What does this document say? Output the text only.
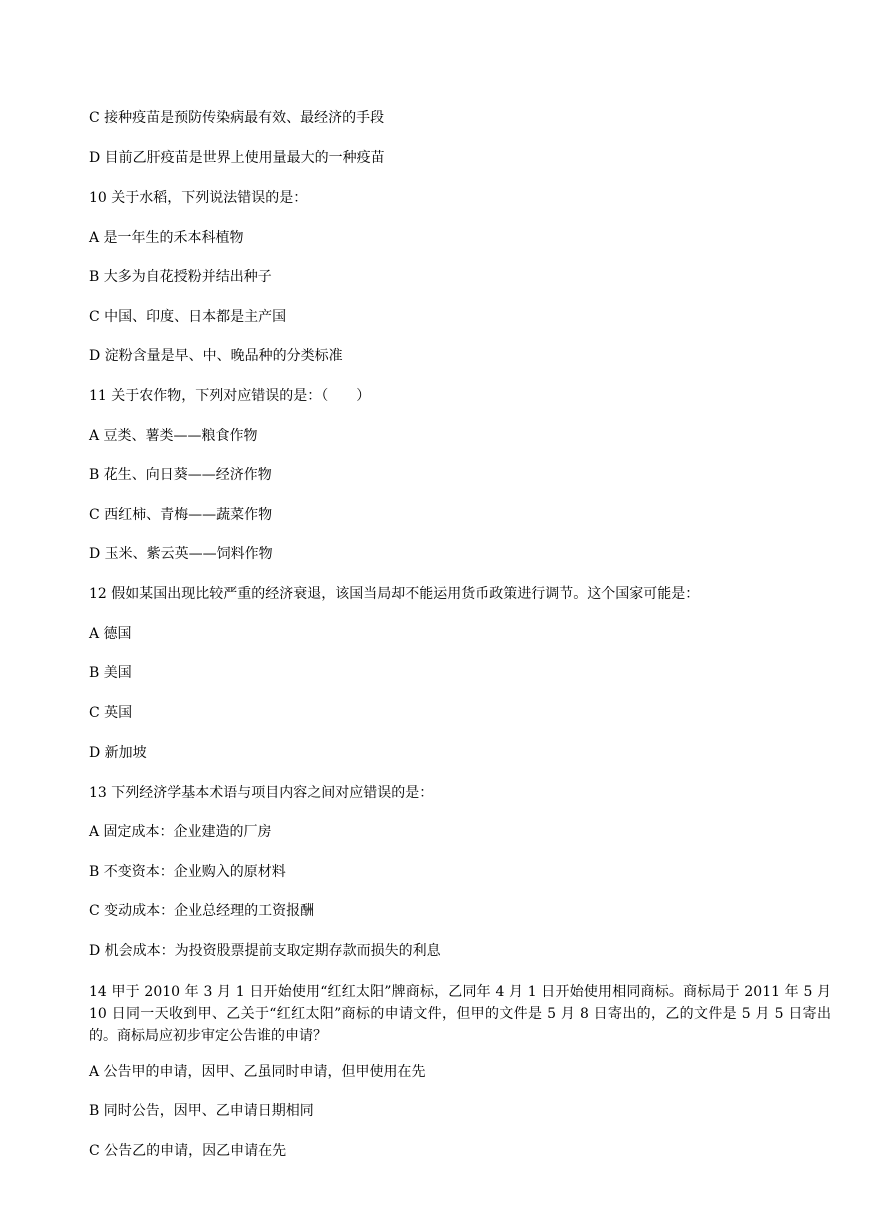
C 接种疫苗是预防传染病最有效、最经济的手段

D 目前乙肝疫苗是世界上使用量最大的一种疫苗

10 关于水稻，下列说法错误的是：

A 是一年生的禾本科植物

B 大多为自花授粉并结出种子

C 中国、印度、日本都是主产国

D 淀粉含量是早、中、晚品种的分类标准

11 关于农作物，下列对应错误的是：（　　）

A 豆类、薯类——粮食作物

B 花生、向日葵——经济作物

C 西红柿、青梅——蔬菜作物

D 玉米、紫云英——饲料作物

12 假如某国出现比较严重的经济衰退，该国当局却不能运用货币政策进行调节。这个国家可能是：

A 德国

B 美国

C 英国

D 新加坡

13 下列经济学基本术语与项目内容之间对应错误的是：

A 固定成本：企业建造的厂房

B 不变资本：企业购入的原材料

C 变动成本：企业总经理的工资报酬

D 机会成本：为投资股票提前支取定期存款而损失的利息

14 甲于 2010 年 3 月 1 日开始使用“红红太阳”牌商标，乙同年 4 月 1 日开始使用相同商标。商标局于 2011 年 5 月 10 日同一天收到甲、乙关于“红红太阳”商标的申请文件，但甲的文件是 5 月 8 日寄出的，乙的文件是 5 月 5 日寄出的。商标局应初步审定公告谁的申请？

A 公告甲的申请，因甲、乙虽同时申请，但甲使用在先

B 同时公告，因甲、乙申请日期相同

C 公告乙的申请，因乙申请在先
